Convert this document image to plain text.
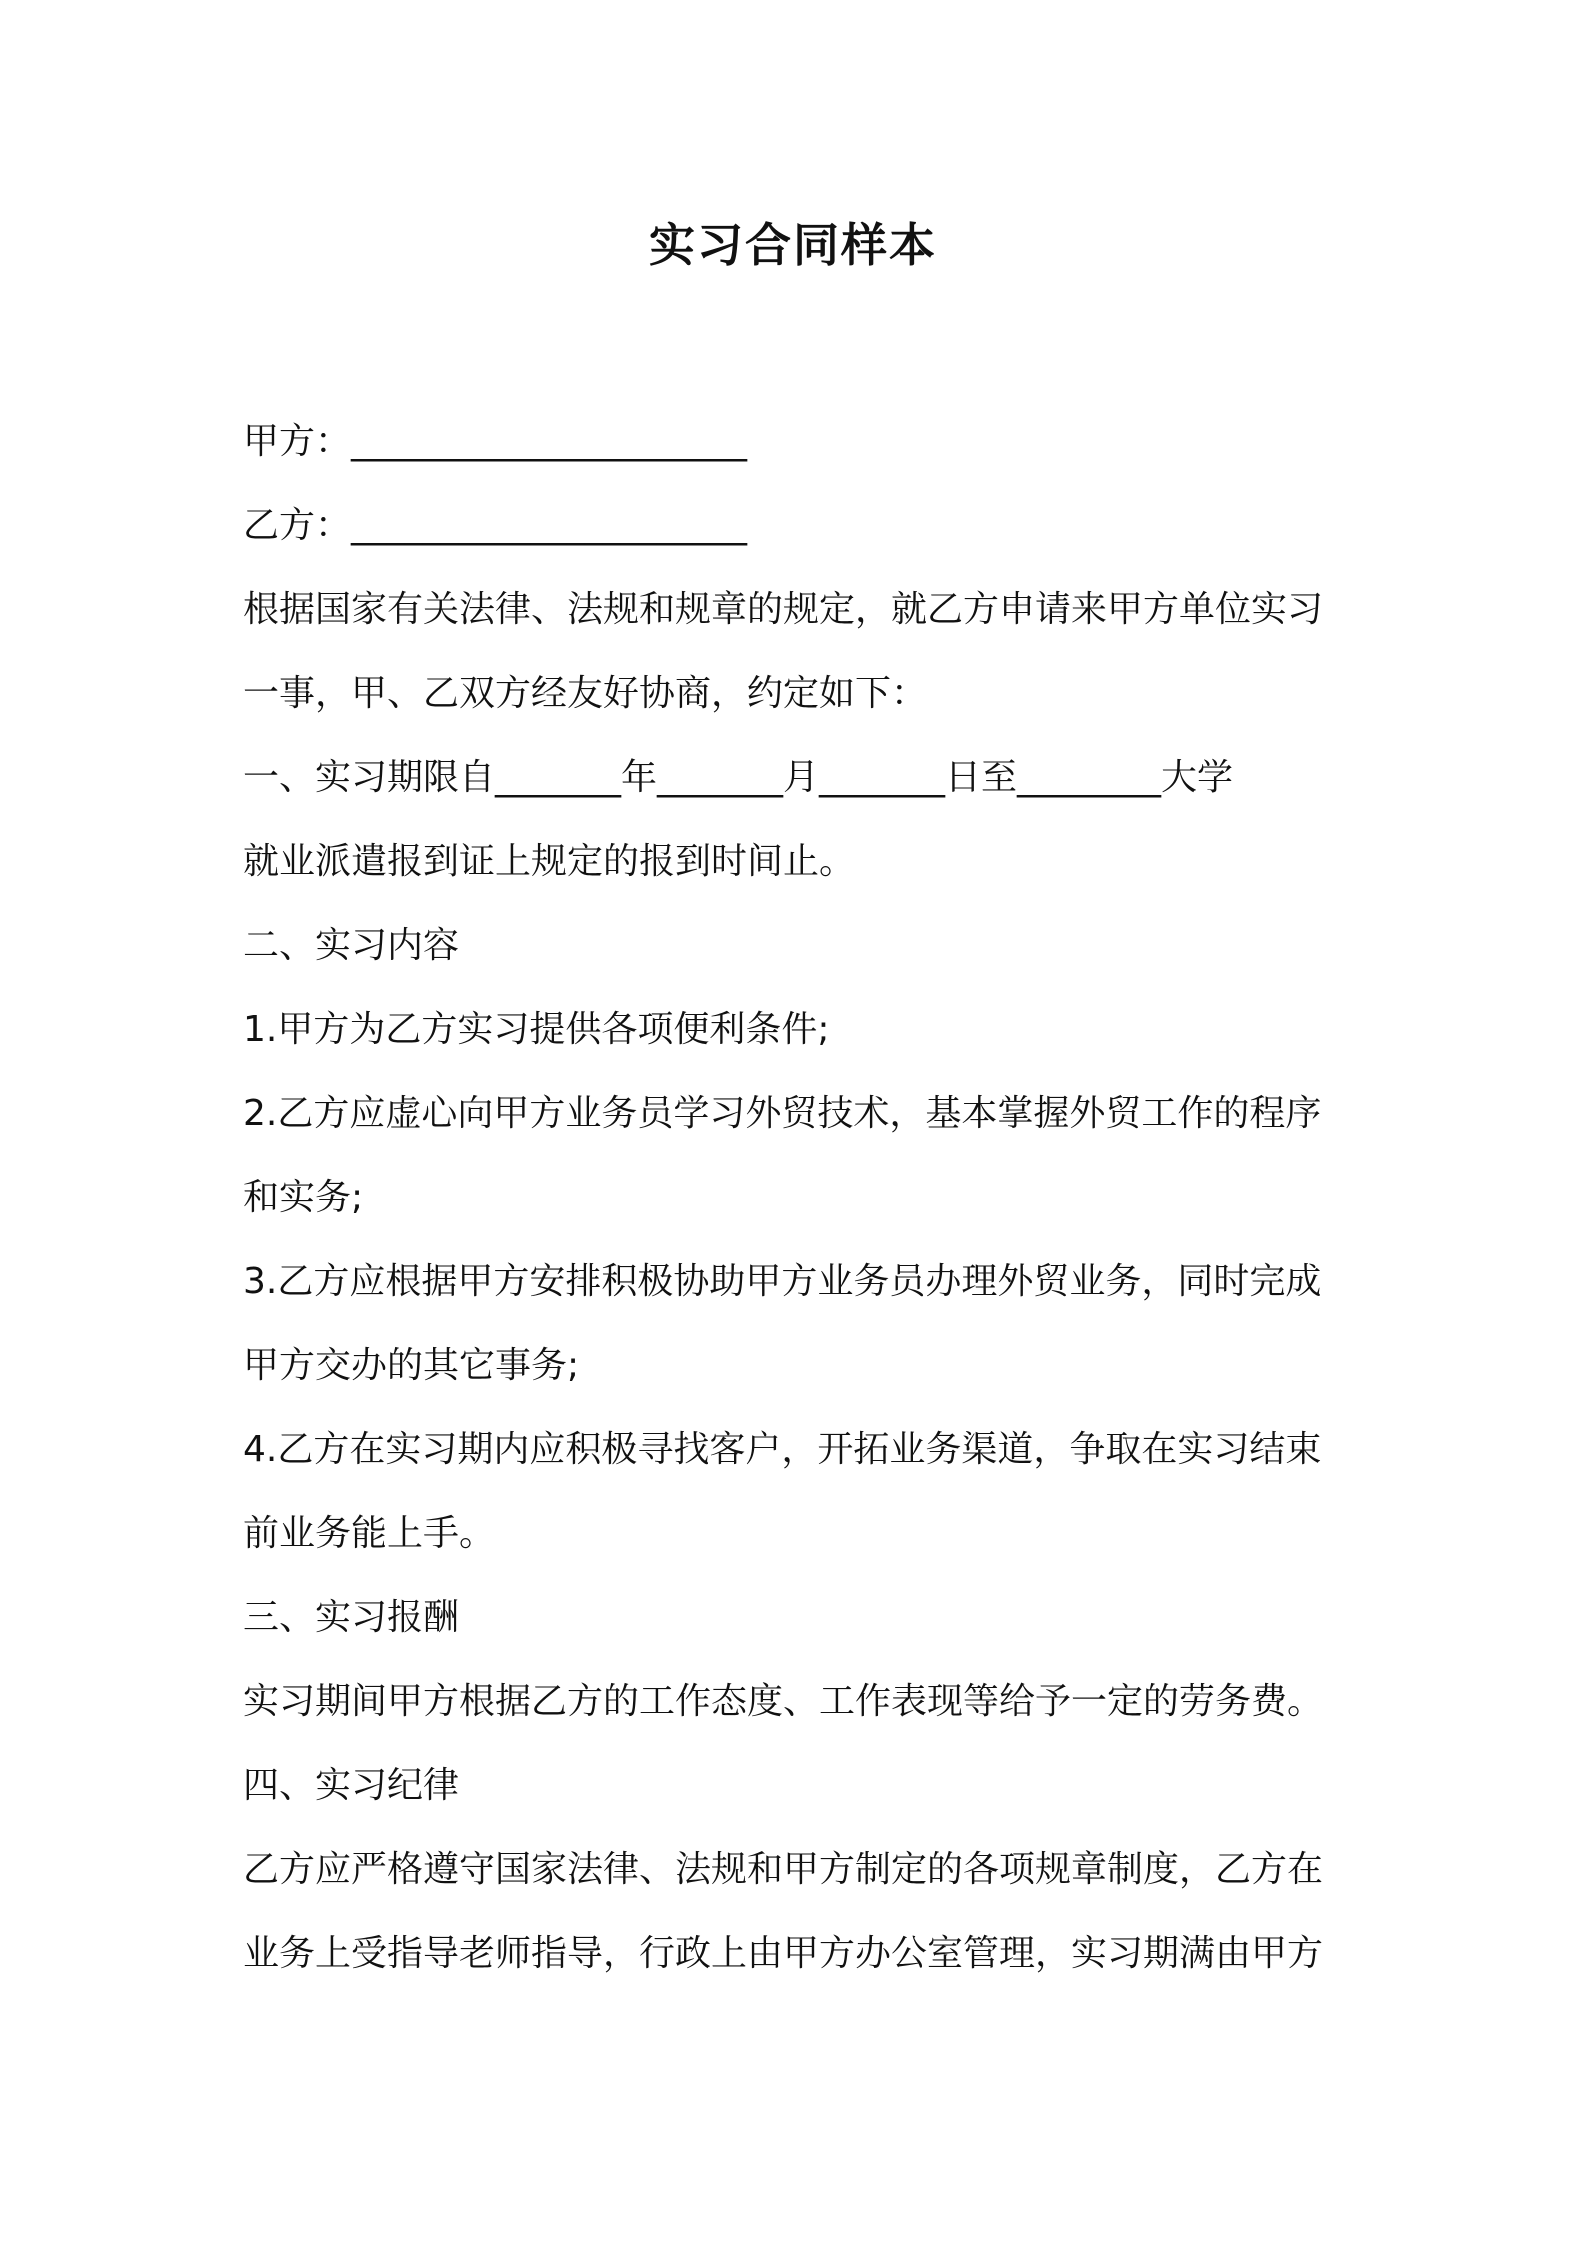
实习合同样本
甲方：______________________
乙方：______________________
根据国家有关法律、法规和规章的规定，就乙方申请来甲方单位实习
一事，甲、乙双方经友好协商，约定如下：
一、实习期限自_______年_______月_______日至________大学
就业派遣报到证上规定的报到时间止。
二、实习内容
1.甲方为乙方实习提供各项便利条件;
2.乙方应虚心向甲方业务员学习外贸技术，基本掌握外贸工作的程序
和实务;
3.乙方应根据甲方安排积极协助甲方业务员办理外贸业务，同时完成
甲方交办的其它事务;
4.乙方在实习期内应积极寻找客户，开拓业务渠道，争取在实习结束
前业务能上手。
三、实习报酬
实习期间甲方根据乙方的工作态度、工作表现等给予一定的劳务费。
四、实习纪律
乙方应严格遵守国家法律、法规和甲方制定的各项规章制度，乙方在
业务上受指导老师指导，行政上由甲方办公室管理，实习期满由甲方
